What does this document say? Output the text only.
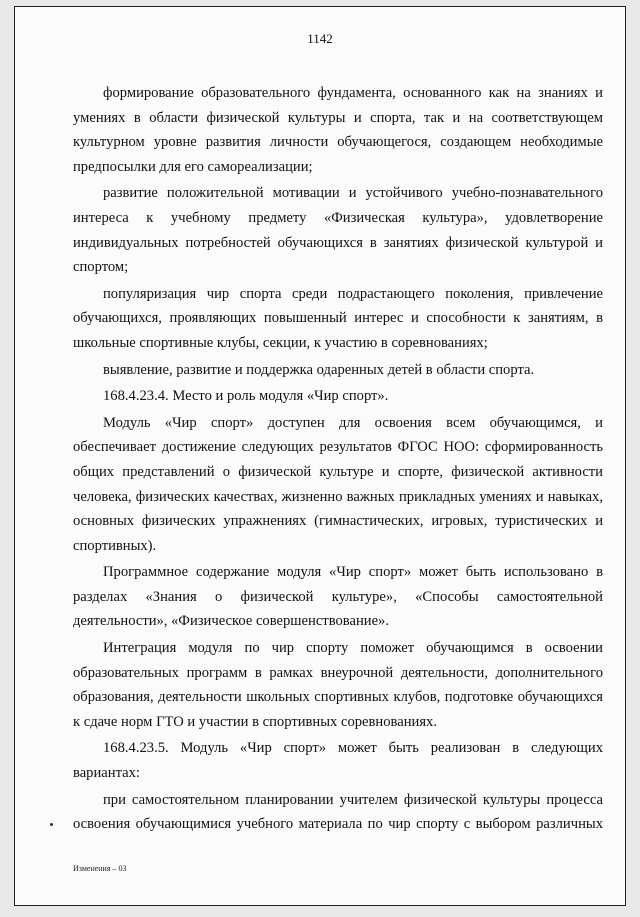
1142

формирование образовательного фундамента, основанного как на знаниях и умениях в области физической культуры и спорта, так и на соответствующем культурном уровне развития личности обучающегося, создающем необходимые предпосылки для его самореализации;

развитие положительной мотивации и устойчивого учебно-познавательного интереса к учебному предмету «Физическая культура», удовлетворение индивидуальных потребностей обучающихся в занятиях физической культурой и спортом;

популяризация чир спорта среди подрастающего поколения, привлечение обучающихся, проявляющих повышенный интерес и способности к занятиям, в школьные спортивные клубы, секции, к участию в соревнованиях;

выявление, развитие и поддержка одаренных детей в области спорта.

168.4.23.4. Место и роль модуля «Чир спорт».

Модуль «Чир спорт» доступен для освоения всем обучающимся, и обеспечивает достижение следующих результатов ФГОС НОО: сформированность общих представлений о физической культуре и спорте, физической активности человека, физических качествах, жизненно важных прикладных умениях и навыках, основных физических упражнениях (гимнастических, игровых, туристических и спортивных).

Программное содержание модуля «Чир спорт» может быть использовано в разделах «Знания о физической культуре», «Способы самостоятельной деятельности», «Физическое совершенствование».

Интеграция модуля по чир спорту поможет обучающимся в освоении образовательных программ в рамках внеурочной деятельности, дополнительного образования, деятельности школьных спортивных клубов, подготовке обучающихся к сдаче норм ГТО и участии в спортивных соревнованиях.

168.4.23.5. Модуль «Чир спорт» может быть реализован в следующих вариантах:

при самостоятельном планировании учителем физической культуры процесса освоения обучающимися учебного материала по чир спорту с выбором различных

Изменения – 03
